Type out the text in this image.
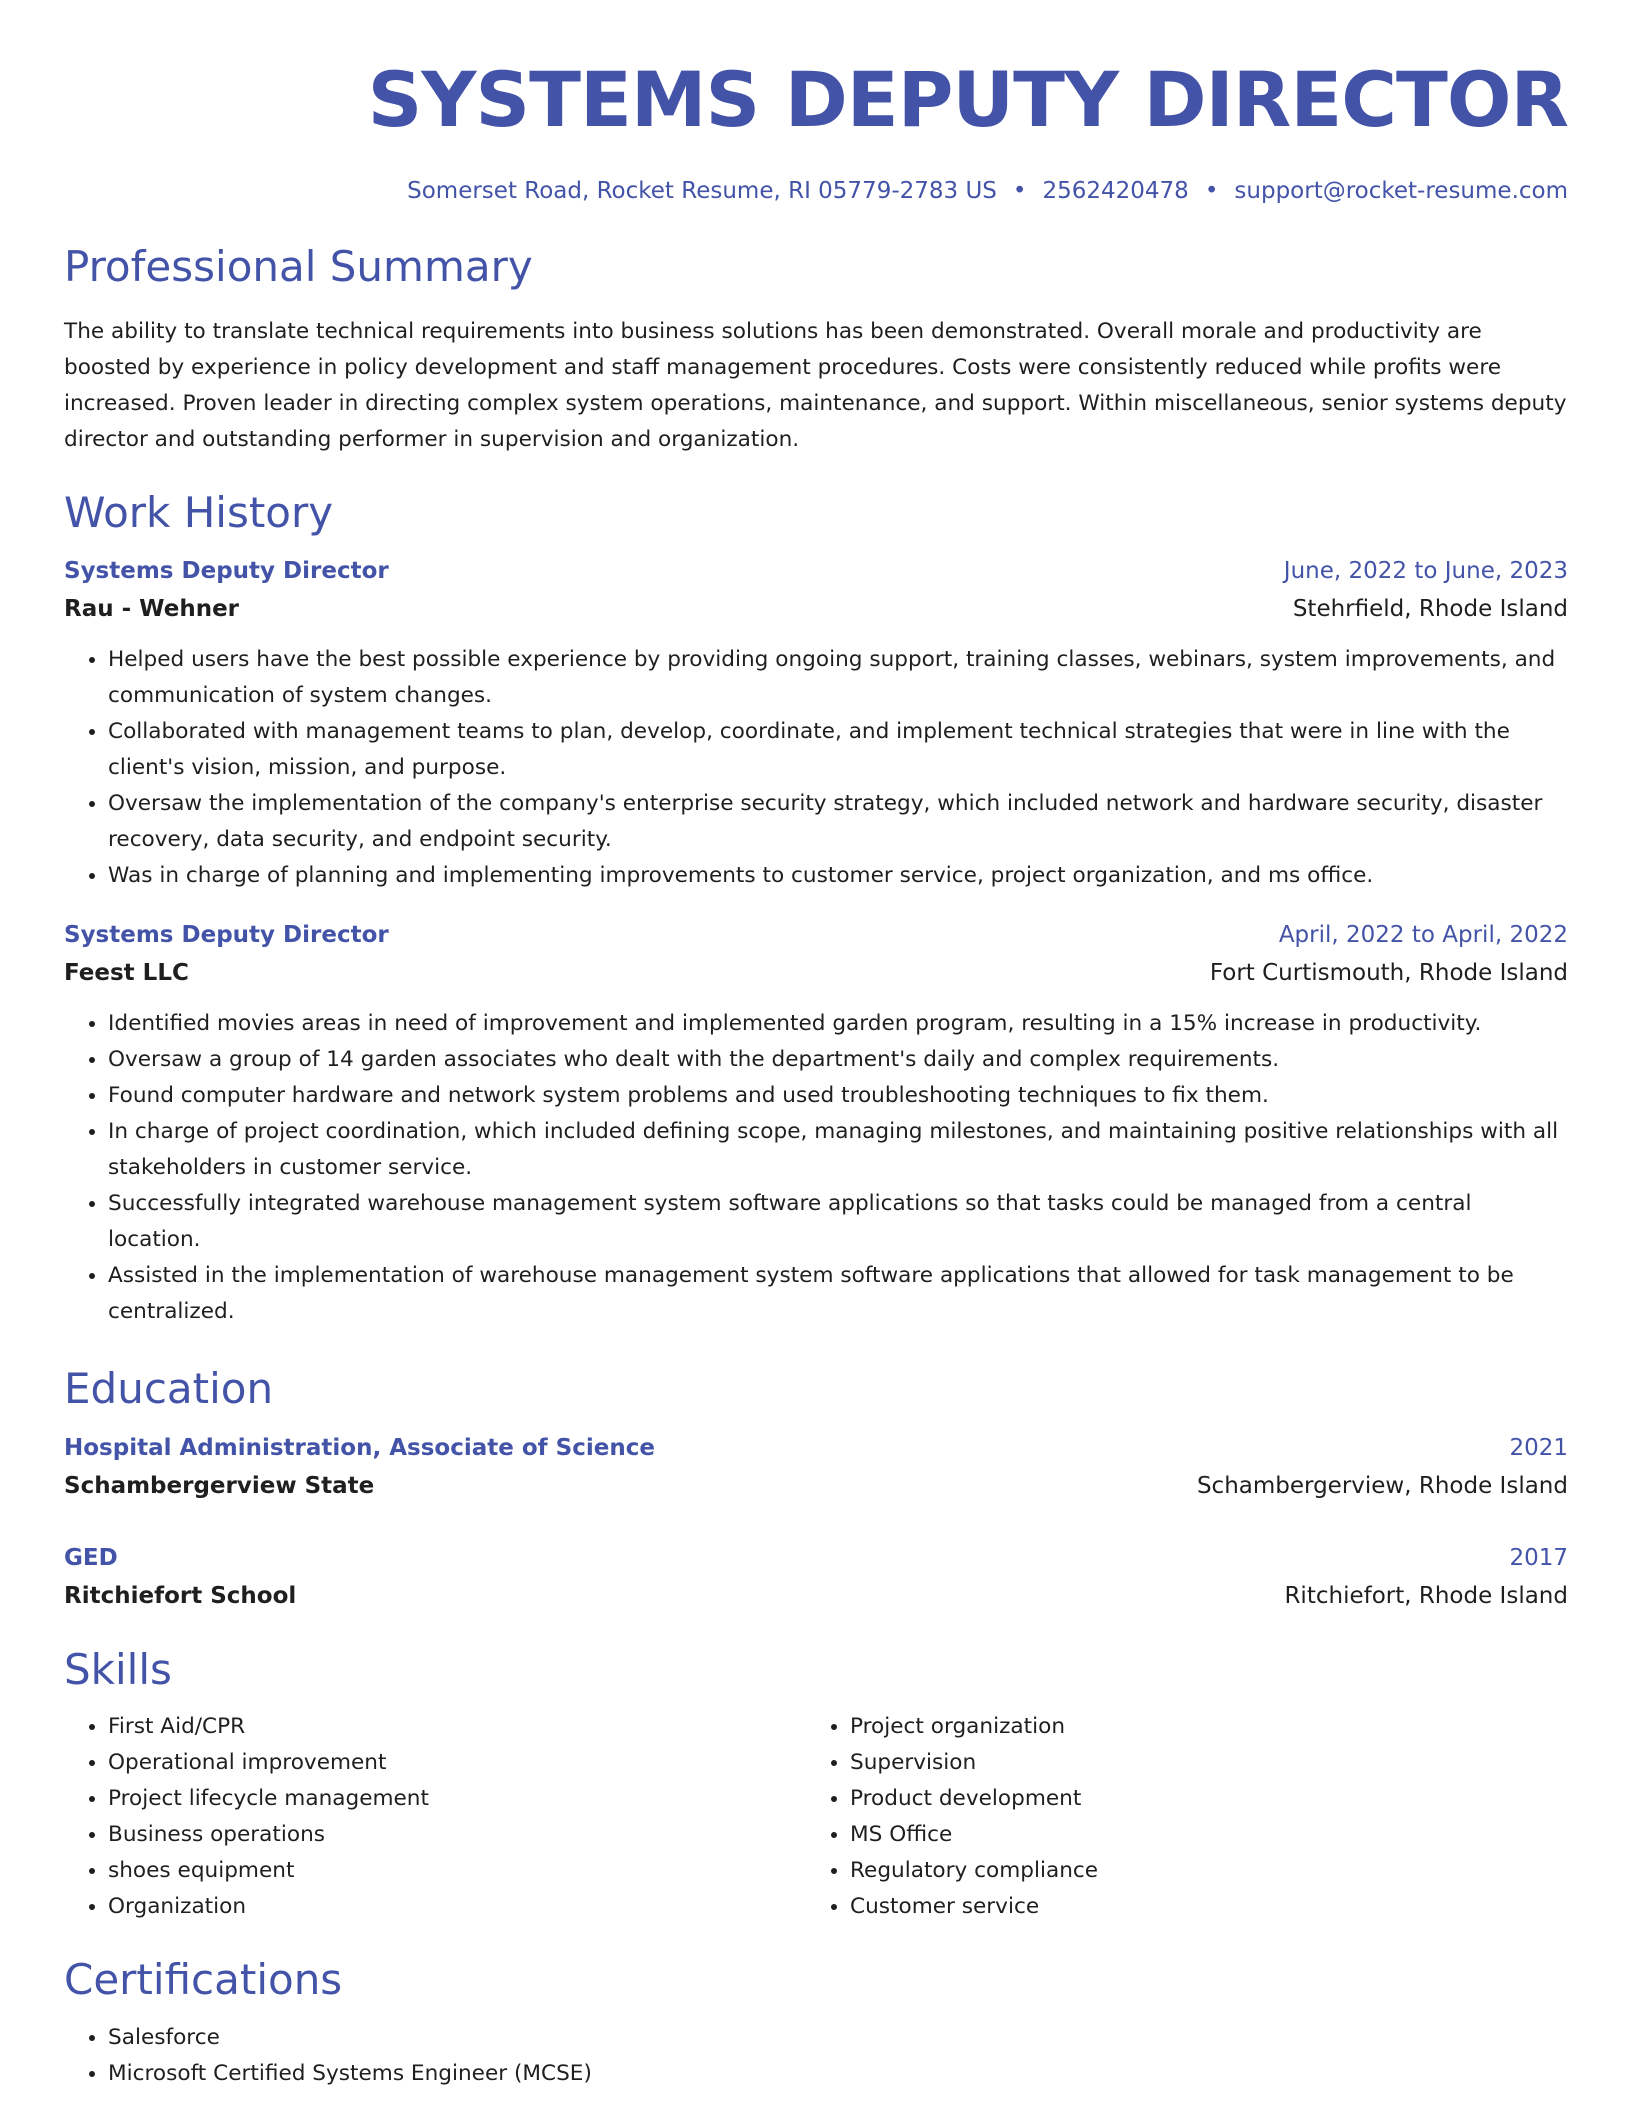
SYSTEMS DEPUTY DIRECTOR
Somerset Road, Rocket Resume, RI 05779-2783 US • 2562420478 • support@rocket-resume.com
Professional Summary
The ability to translate technical requirements into business solutions has been demonstrated. Overall morale and productivity are boosted by experience in policy development and staff management procedures. Costs were consistently reduced while profits were increased. Proven leader in directing complex system operations, maintenance, and support. Within miscellaneous, senior systems deputy director and outstanding performer in supervision and organization.
Work History
Systems Deputy Director	June, 2022 to June, 2023
Rau - Wehner	Stehrfield, Rhode Island
• Helped users have the best possible experience by providing ongoing support, training classes, webinars, system improvements, and communication of system changes.
• Collaborated with management teams to plan, develop, coordinate, and implement technical strategies that were in line with the client's vision, mission, and purpose.
• Oversaw the implementation of the company's enterprise security strategy, which included network and hardware security, disaster recovery, data security, and endpoint security.
• Was in charge of planning and implementing improvements to customer service, project organization, and ms office.
Systems Deputy Director	April, 2022 to April, 2022
Feest LLC	Fort Curtismouth, Rhode Island
• Identified movies areas in need of improvement and implemented garden program, resulting in a 15% increase in productivity.
• Oversaw a group of 14 garden associates who dealt with the department's daily and complex requirements.
• Found computer hardware and network system problems and used troubleshooting techniques to fix them.
• In charge of project coordination, which included defining scope, managing milestones, and maintaining positive relationships with all stakeholders in customer service.
• Successfully integrated warehouse management system software applications so that tasks could be managed from a central location.
• Assisted in the implementation of warehouse management system software applications that allowed for task management to be centralized.
Education
Hospital Administration, Associate of Science	2021
Schambergerview State	Schambergerview, Rhode Island
GED	2017
Ritchiefort School	Ritchiefort, Rhode Island
Skills
• First Aid/CPR
• Operational improvement
• Project lifecycle management
• Business operations
• shoes equipment
• Organization
• Project organization
• Supervision
• Product development
• MS Office
• Regulatory compliance
• Customer service
Certifications
• Salesforce
• Microsoft Certified Systems Engineer (MCSE)
